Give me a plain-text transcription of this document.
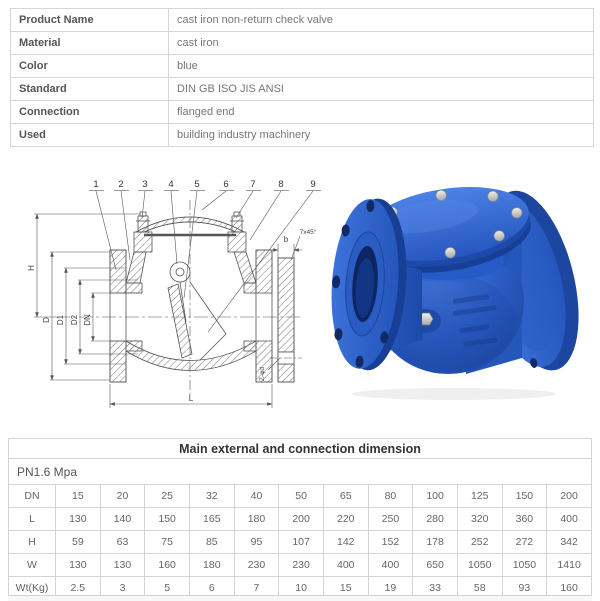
Product Name	cast iron non-return check valve
Material	cast iron
Color	blue
Standard	DIN GB ISO JIS ANSI
Connection	flanged end
Used	building industry machinery
1 2 3 4 5 6 7 8	9
D D1 D2 DN
H
L
b
7x45°
Z-φd
Main external and connection dimension												
PN1.6 Mpa												
DN	15	20	25	32	40	50	65	80	100	125	150	200
L	130	140	150	165	180	200	220	250	280	320	360	400
H	59	63	75	85	95	107	142	152	178	252	272	342
W	130	130	160	180	230	230	400	400	650	1050	1050	1410
Wt(Kg)	2.5	3	5	6	7	10	15	19	33	58	93	160
